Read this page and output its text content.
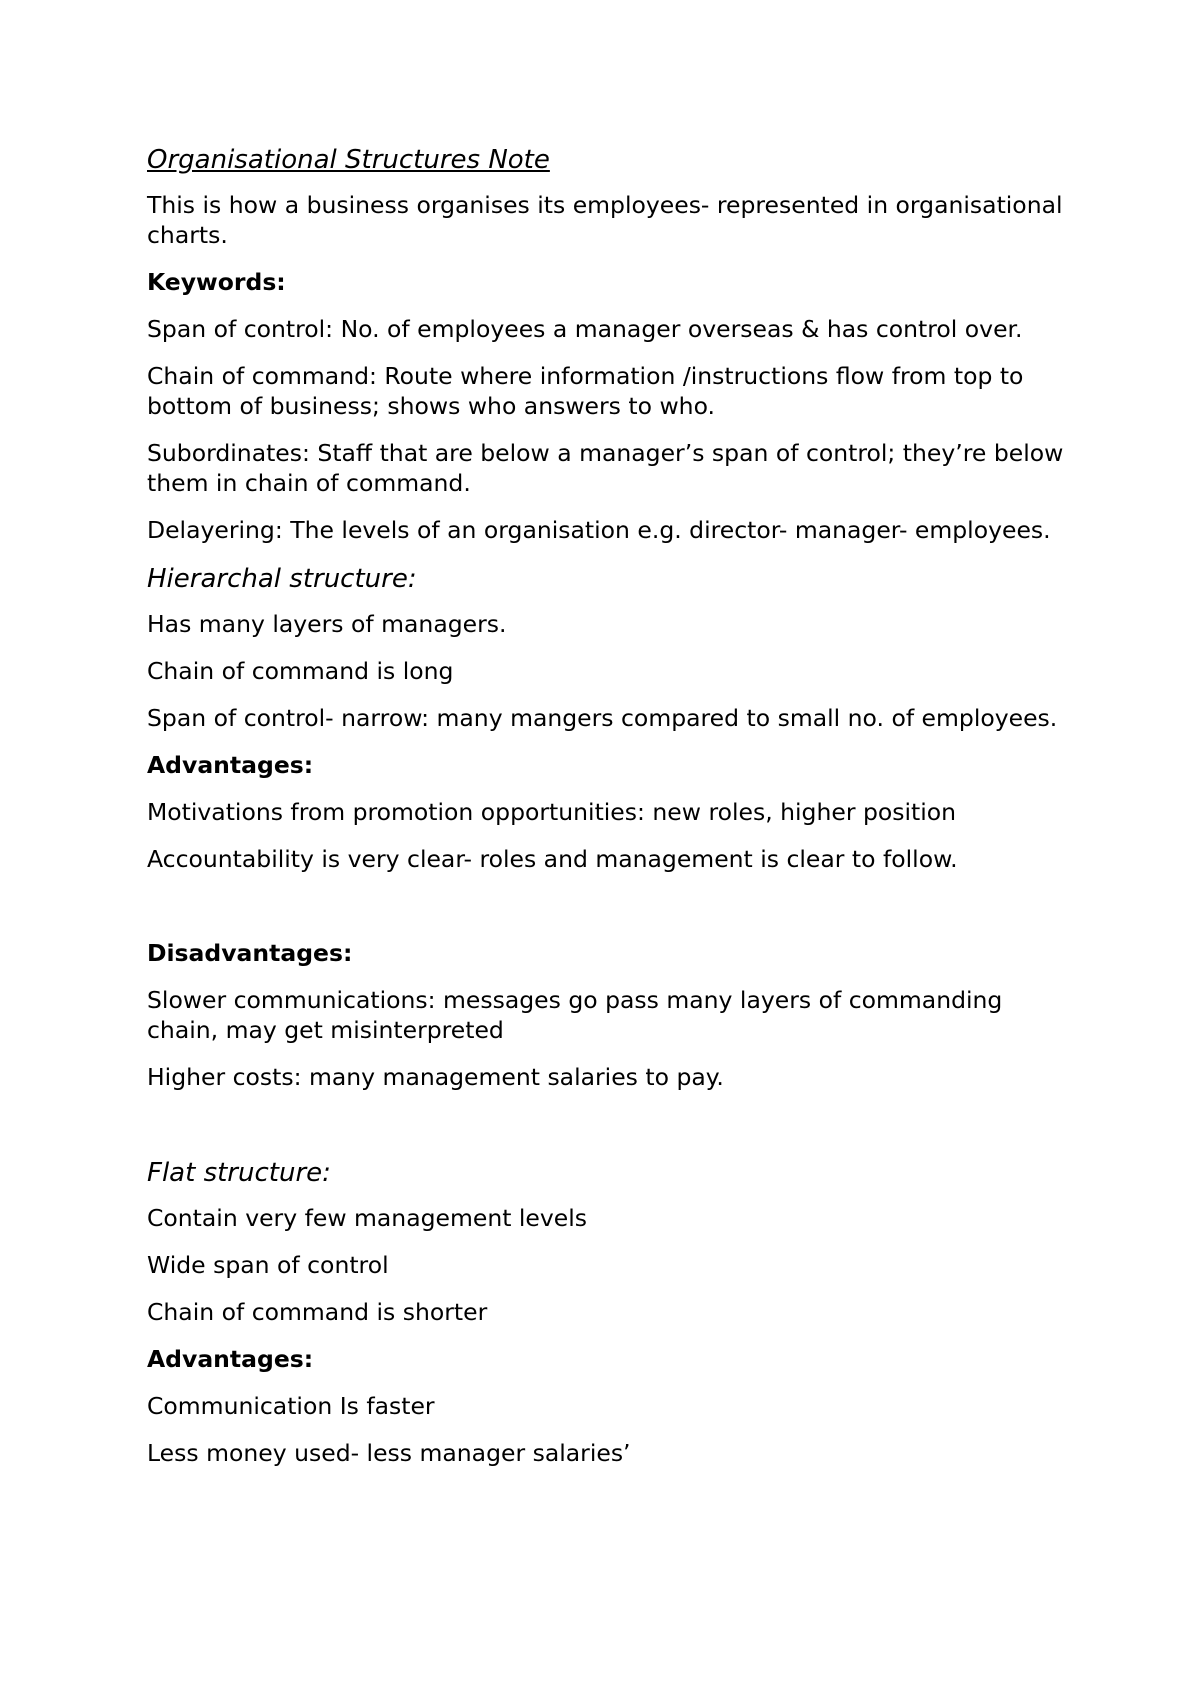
Organisational Structures Note

This is how a business organises its employees- represented in organisational charts.

Keywords:

Span of control: No. of employees a manager overseas & has control over.

Chain of command: Route where information /instructions flow from top to bottom of business; shows who answers to who.

Subordinates: Staff that are below a manager’s span of control; they’re below them in chain of command.

Delayering: The levels of an organisation e.g. director- manager- employees.

Hierarchal structure:

Has many layers of managers.

Chain of command is long

Span of control- narrow: many mangers compared to small no. of employees.

Advantages:

Motivations from promotion opportunities: new roles, higher position

Accountability is very clear- roles and management is clear to follow.

Disadvantages:

Slower communications: messages go pass many layers of commanding chain, may get misinterpreted

Higher costs: many management salaries to pay.

Flat structure:

Contain very few management levels

Wide span of control

Chain of command is shorter

Advantages:

Communication Is faster

Less money used- less manager salaries’
